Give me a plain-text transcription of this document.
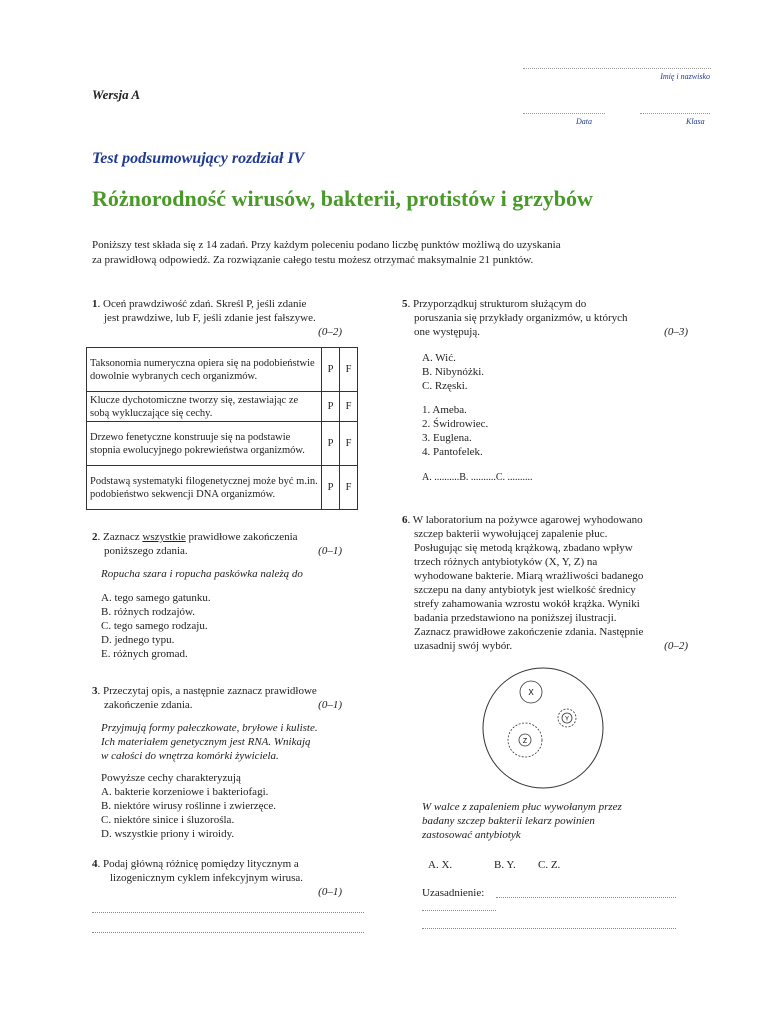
Imię i nazwisko
Data	Klasa
Wersja A
Test podsumowujący rozdział IV
Różnorodność wirusów, bakterii, protistów i grzybów
Poniższy test składa się z 14 zadań. Przy każdym poleceniu podano liczbę punktów możliwą do uzyskania
za prawidłową odpowiedź. Za rozwiązanie całego testu możesz otrzymać maksymalnie 21 punktów.
1. Oceń prawdziwość zdań. Skreśl P, jeśli zdanie
jest prawdziwe, lub F, jeśli zdanie jest fałszywe.
(0–2)
Taksonomia numeryczna opiera się na podobieństwie dowolnie wybranych cech organizmów.	P	F
Klucze dychotomiczne tworzy się, zestawiając ze sobą wykluczające się cechy.	P	F
Drzewo fenetyczne konstruuje się na podstawie stopnia ewolucyjnego pokrewieństwa organizmów.	P	F
Podstawą systematyki filogenetycznej może być m.in. podobieństwo sekwencji DNA organizmów.	P	F
2. Zaznacz wszystkie prawidłowe zakończenia
poniższego zdania.	(0–1)
Ropucha szara i ropucha paskówka należą do
A. tego samego gatunku.
B. różnych rodzajów.
C. tego samego rodzaju.
D. jednego typu.
E. różnych gromad.
3. Przeczytaj opis, a następnie zaznacz prawidłowe
zakończenie zdania.	(0–1)
Przyjmują formy pałeczkowate, bryłowe i kuliste.
Ich materiałem genetycznym jest RNA. Wnikają
w całości do wnętrza komórki żywiciela.
Powyższe cechy charakteryzują
A. bakterie korzeniowe i bakteriofagi.
B. niektóre wirusy roślinne i zwierzęce.
C. niektóre sinice i śluzorośla.
D. wszystkie priony i wiroidy.
4. Podaj główną różnicę pomiędzy litycznym a
lizogenicznym cyklem infekcyjnym wirusa.
(0–1)
5. Przyporządkuj strukturom służącym do
poruszania się przykłady organizmów, u których
one występują.	(0–3)
A. Wić.
B. Nibynóżki.
C. Rzęski.
1. Ameba.
2. Świdrowiec.
3. Euglena.
4. Pantofelek.
A. ..........B. ..........C. ..........
6. W laboratorium na pożywce agarowej wyhodowano
szczep bakterii wywołującej zapalenie płuc.
Posługując się metodą krążkową, zbadano wpływ
trzech różnych antybiotyków (X, Y, Z) na
wyhodowane bakterie. Miarą wrażliwości badanego
szczepu na dany antybiotyk jest wielkość średnicy
strefy zahamowania wzrostu wokół krążka. Wyniki
badania przedstawiono na poniższej ilustracji.
Zaznacz prawidłowe zakończenie zdania. Następnie
uzasadnij swój wybór.	(0–2)
X
Y
Z
W walce z zapaleniem płuc wywołanym przez
badany szczep bakterii lekarz powinien
zastosować antybiotyk
A. X.	B. Y. C. Z.
Uzasadnienie:
